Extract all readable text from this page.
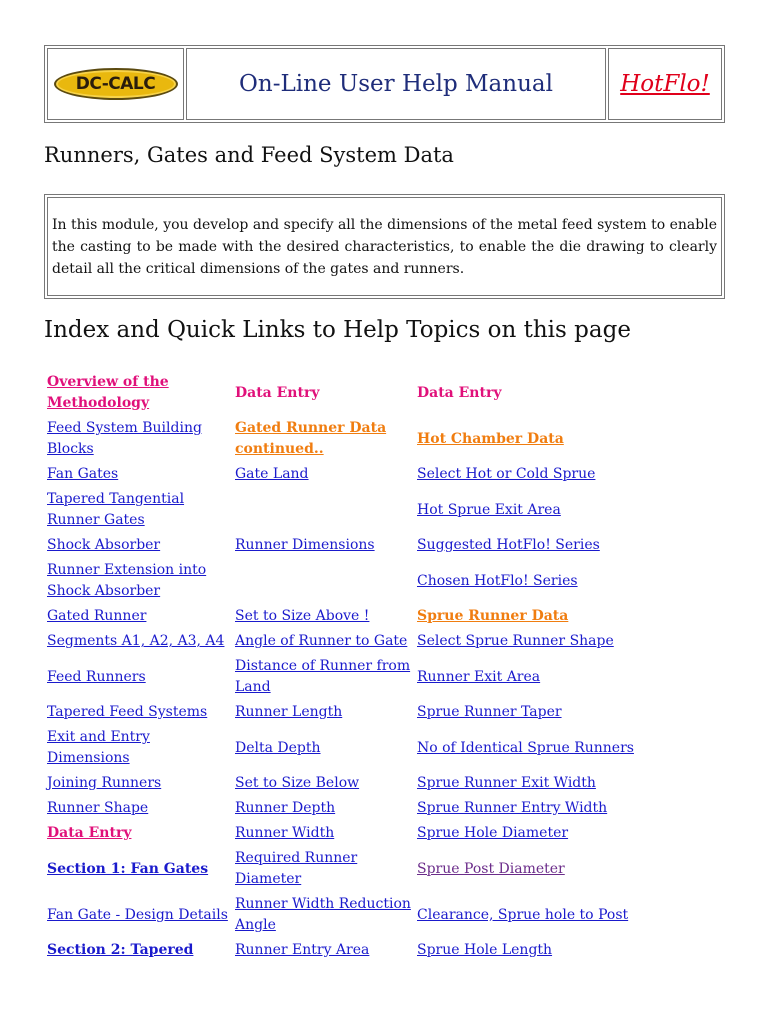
DC-CALC	On-Line User Help Manual	HotFlo!
Runners, Gates and Feed System Data

In this module, you develop and specify all the dimensions of the metal feed system to enable the casting to be made with the desired characteristics, to enable the die drawing to clearly detail all the critical dimensions of the gates and runners.

Index and Quick Links to Help Topics on this page
Overview of the Methodology	Data Entry	Data Entry
Feed System Building Blocks	Gated Runner Data continued..	Hot Chamber Data
Fan Gates	Gate Land	Select Hot or Cold Sprue
Tapered Tangential Runner Gates		Hot Sprue Exit Area
Shock Absorber	Runner Dimensions	Suggested HotFlo! Series
Runner Extension into Shock Absorber		Chosen HotFlo! Series
Gated Runner	Set to Size Above !	Sprue Runner Data
Segments A1, A2, A3, A4	Angle of Runner to Gate	Select Sprue Runner Shape
Feed Runners	Distance of Runner from Land	Runner Exit Area
Tapered Feed Systems	Runner Length	Sprue Runner Taper
Exit and Entry Dimensions	Delta Depth	No of Identical Sprue Runners
Joining Runners	Set to Size Below	Sprue Runner Exit Width
Runner Shape	Runner Depth	Sprue Runner Entry Width
Data Entry	Runner Width	Sprue Hole Diameter
Section 1: Fan Gates	Required Runner Diameter	Sprue Post Diameter
Fan Gate - Design Details	Runner Width Reduction Angle	Clearance, Sprue hole to Post
Section 2: Tapered	Runner Entry Area	Sprue Hole Length
